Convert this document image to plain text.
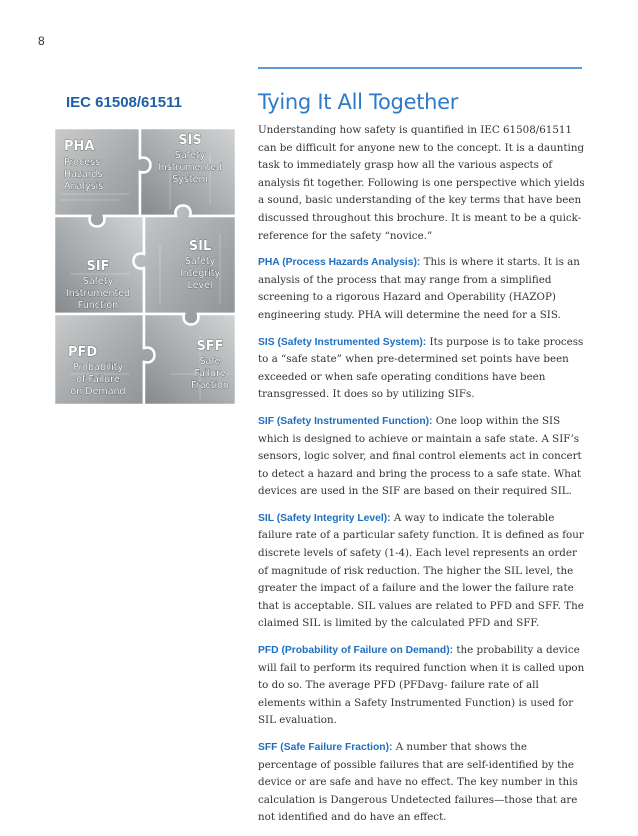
8
IEC 61508/61511
PHA
Process
Hazards
Analysis
SIS
Safety
Instrumented
System
SIF
Safety
Instrumented
Function
SIL
Safety
Integrity
Level
PFD
Probability
of Failure
on Demand
SFF
Safe
Failure
Fraction
Tying It All Together

Understanding how safety is quantified in IEC 61508/61511 can be difficult for anyone new to the concept. It is a daunting task to immediately grasp how all the various aspects of analysis fit together. Following is one perspective which yields a sound, basic understanding of the key terms that have been discussed throughout this brochure. It is meant to be a quick-reference for the safety “novice.”

PHA (Process Hazards Analysis): This is where it starts. It is an analysis of the process that may range from a simplified screening to a rigorous Hazard and Operability (HAZOP) engineering study. PHA will determine the need for a SIS.

SIS (Safety Instrumented System): Its purpose is to take process to a “safe state” when pre-determined set points have been exceeded or when safe operating conditions have been transgressed. It does so by utilizing SIFs.

SIF (Safety Instrumented Function): One loop within the SIS which is designed to achieve or maintain a safe state. A SIF’s sensors, logic solver, and final control elements act in concert to detect a hazard and bring the process to a safe state. What devices are used in the SIF are based on their required SIL.

SIL (Safety Integrity Level): A way to indicate the tolerable failure rate of a particular safety function. It is defined as four discrete levels of safety (1-4). Each level represents an order of magnitude of risk reduction. The higher the SIL level, the greater the impact of a failure and the lower the failure rate that is acceptable. SIL values are related to PFD and SFF. The claimed SIL is limited by the calculated PFD and SFF.

PFD (Probability of Failure on Demand): the probability a device will fail to perform its required function when it is called upon to do so. The average PFD (PFDavg- failure rate of all elements within a Safety Instrumented Function) is used for SIL evaluation.

SFF (Safe Failure Fraction): A number that shows the percentage of possible failures that are self-identified by the device or are safe and have no effect. The key number in this calculation is Dangerous Undetected failures—those that are not identified and do have an effect.
